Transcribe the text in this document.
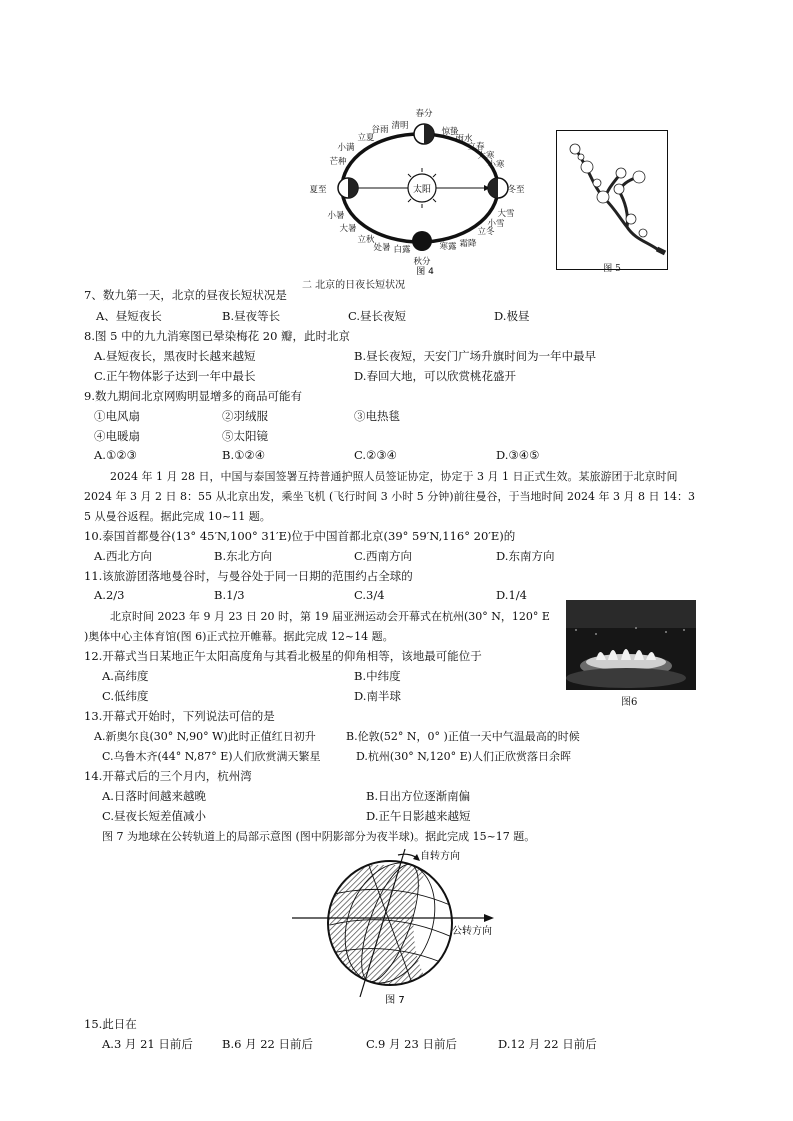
太阳
春分
惊蛰
雨水
立春
大寒
小寒
冬至
大雪
小雪
立冬
霜降
寒露
秋分
白露
处暑
立秋
大暑
小暑
夏至
芒种
小满
立夏
谷雨 清明
图 4
二 北京的日夜长短状况
图 5
7、数九第一天，北京的昼夜长短状况是
A、昼短夜长	B.昼夜等长	C.昼长夜短	D.极昼
8.图 5 中的九九消寒图已晕染梅花 20 瓣，此时北京
A.昼短夜长，黑夜时长越来越短	B.昼长夜短，天安门广场升旗时间为一年中最早
C.正午物体影子达到一年中最长	D.春回大地，可以欣赏桃花盛开
9.数九期间北京网购明显增多的商品可能有
①电风扇	②羽绒服	③电热毯
④电暖扇	⑤太阳镜
A.①②③	B.①②④	C.②③④	D.③④⑤
2024 年 1 月 28 日，中国与泰国签署互持普通护照人员签证协定，协定于 3 月 1 日正式生效。某旅游团于北京时间
2024 年 3 月 2 日 8：55 从北京出发，乘坐飞机 (飞行时间 3 小时 5 分钟)前往曼谷，于当地时间 2024 年 3 月 8 日 14：3
5 从曼谷返程。据此完成 10~11 题。
10.泰国首都曼谷(13° 45′N,100° 31′E)位于中国首都北京(39° 59′N,116° 20′E)的
A.西北方向	B.东北方向	C.西南方向	D.东南方向
11.该旅游团落地曼谷时，与曼谷处于同一日期的范围约占全球的
A.2/3	B.1/3	C.3/4	D.1/4
北京时间 2023 年 9 月 23 日 20 时，第 19 届亚洲运动会开幕式在杭州(30° N，120° E
)奥体中心主体育馆(图 6)正式拉开帷幕。据此完成 12~14 题。
图6
12.开幕式当日某地正午太阳高度角与其看北极星的仰角相等，该地最可能位于
A.高纬度	B.中纬度
C.低纬度	D.南半球
13.开幕式开始时，下列说法可信的是
A.新奥尔良(30° N,90° W)此时正值红日初升	B.伦敦(52° N，0° )正值一天中气温最高的时候
C.乌鲁木齐(44° N,87° E)人们欣赏满天繁星	D.杭州(30° N,120° E)人们正欣赏落日余晖
14.开幕式后的三个月内，杭州湾
A.日落时间越来越晚	B.日出方位逐渐南偏
C.昼夜长短差值减小	D.正午日影越来越短
图 7 为地球在公转轨道上的局部示意图 (图中阴影部分为夜半球)。据此完成 15~17 题。
自转方向
公转方向
图 7
15.此日在
A.3 月 21 日前后	B.6 月 22 日前后	C.9 月 23 日前后	D.12 月 22 日前后
